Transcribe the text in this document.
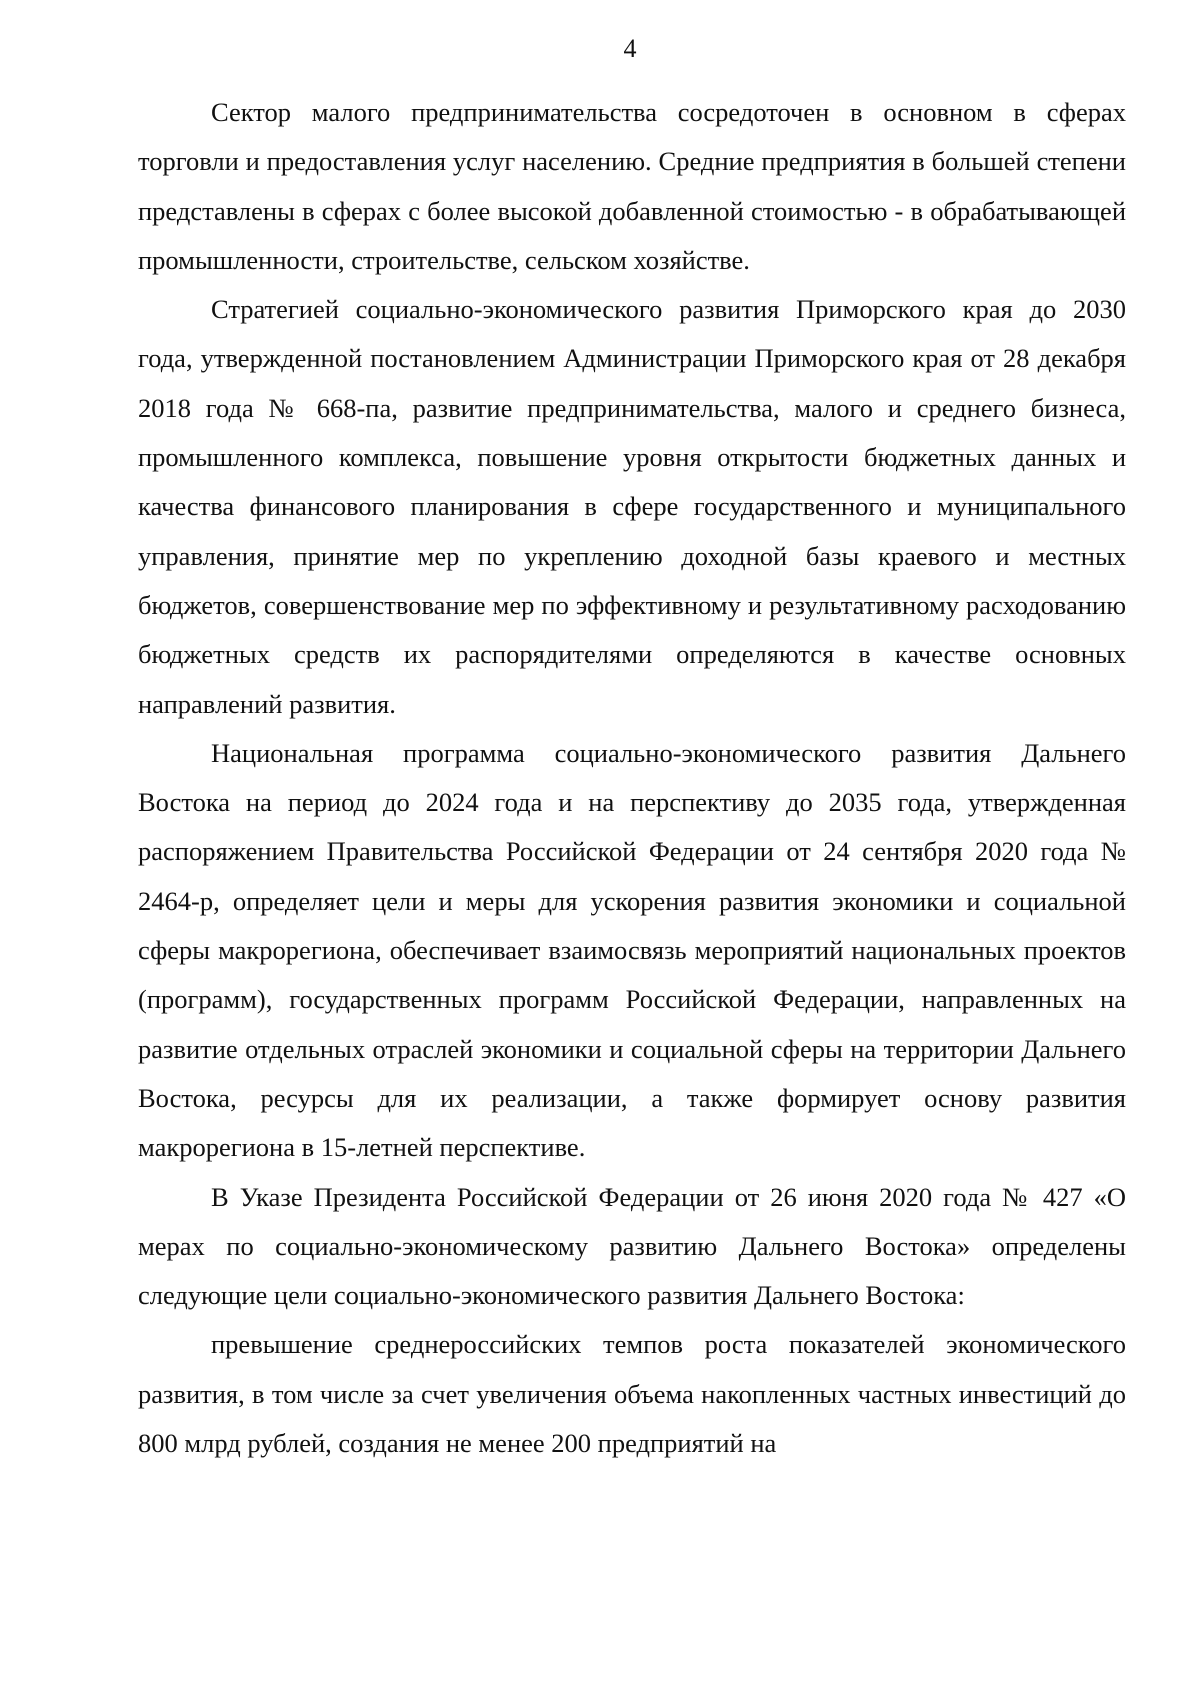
4

Сектор малого предпринимательства сосредоточен в основном в сферах торговли и предоставления услуг населению. Средние предприятия в большей степени представлены в сферах с более высокой добавленной стоимостью - в обрабатывающей промышленности, строительстве, сельском хозяйстве.

Стратегией социально-экономического развития Приморского края до 2030 года, утвержденной постановлением Администрации Приморского края от 28 декабря 2018 года № 668-па, развитие предпринимательства, малого и среднего бизнеса, промышленного комплекса, повышение уровня открытости бюджетных данных и качества финансового планирования в сфере государственного и муниципального управления, принятие мер по укреплению доходной базы краевого и местных бюджетов, совершенствование мер по эффективному и результативному расходованию бюджетных средств их распорядителями определяются в качестве основных направлений развития.

Национальная программа социально-экономического развития Дальнего Востока на период до 2024 года и на перспективу до 2035 года, утвержденная распоряжением Правительства Российской Федерации от 24 сентября 2020 года № 2464-р, определяет цели и меры для ускорения развития экономики и социальной сферы макрорегиона, обеспечивает взаимосвязь мероприятий национальных проектов (программ), государственных программ Российской Федерации, направленных на развитие отдельных отраслей экономики и социальной сферы на территории Дальнего Востока, ресурсы для их реализации, а также формирует основу развития макрорегиона в 15-летней перспективе.

В Указе Президента Российской Федерации от 26 июня 2020 года № 427 «О мерах по социально-экономическому развитию Дальнего Востока» определены следующие цели социально-экономического развития Дальнего Востока:

превышение среднероссийских темпов роста показателей экономического развития, в том числе за счет увеличения объема накопленных частных инвестиций до 800 млрд рублей, создания не менее 200 предприятий на
